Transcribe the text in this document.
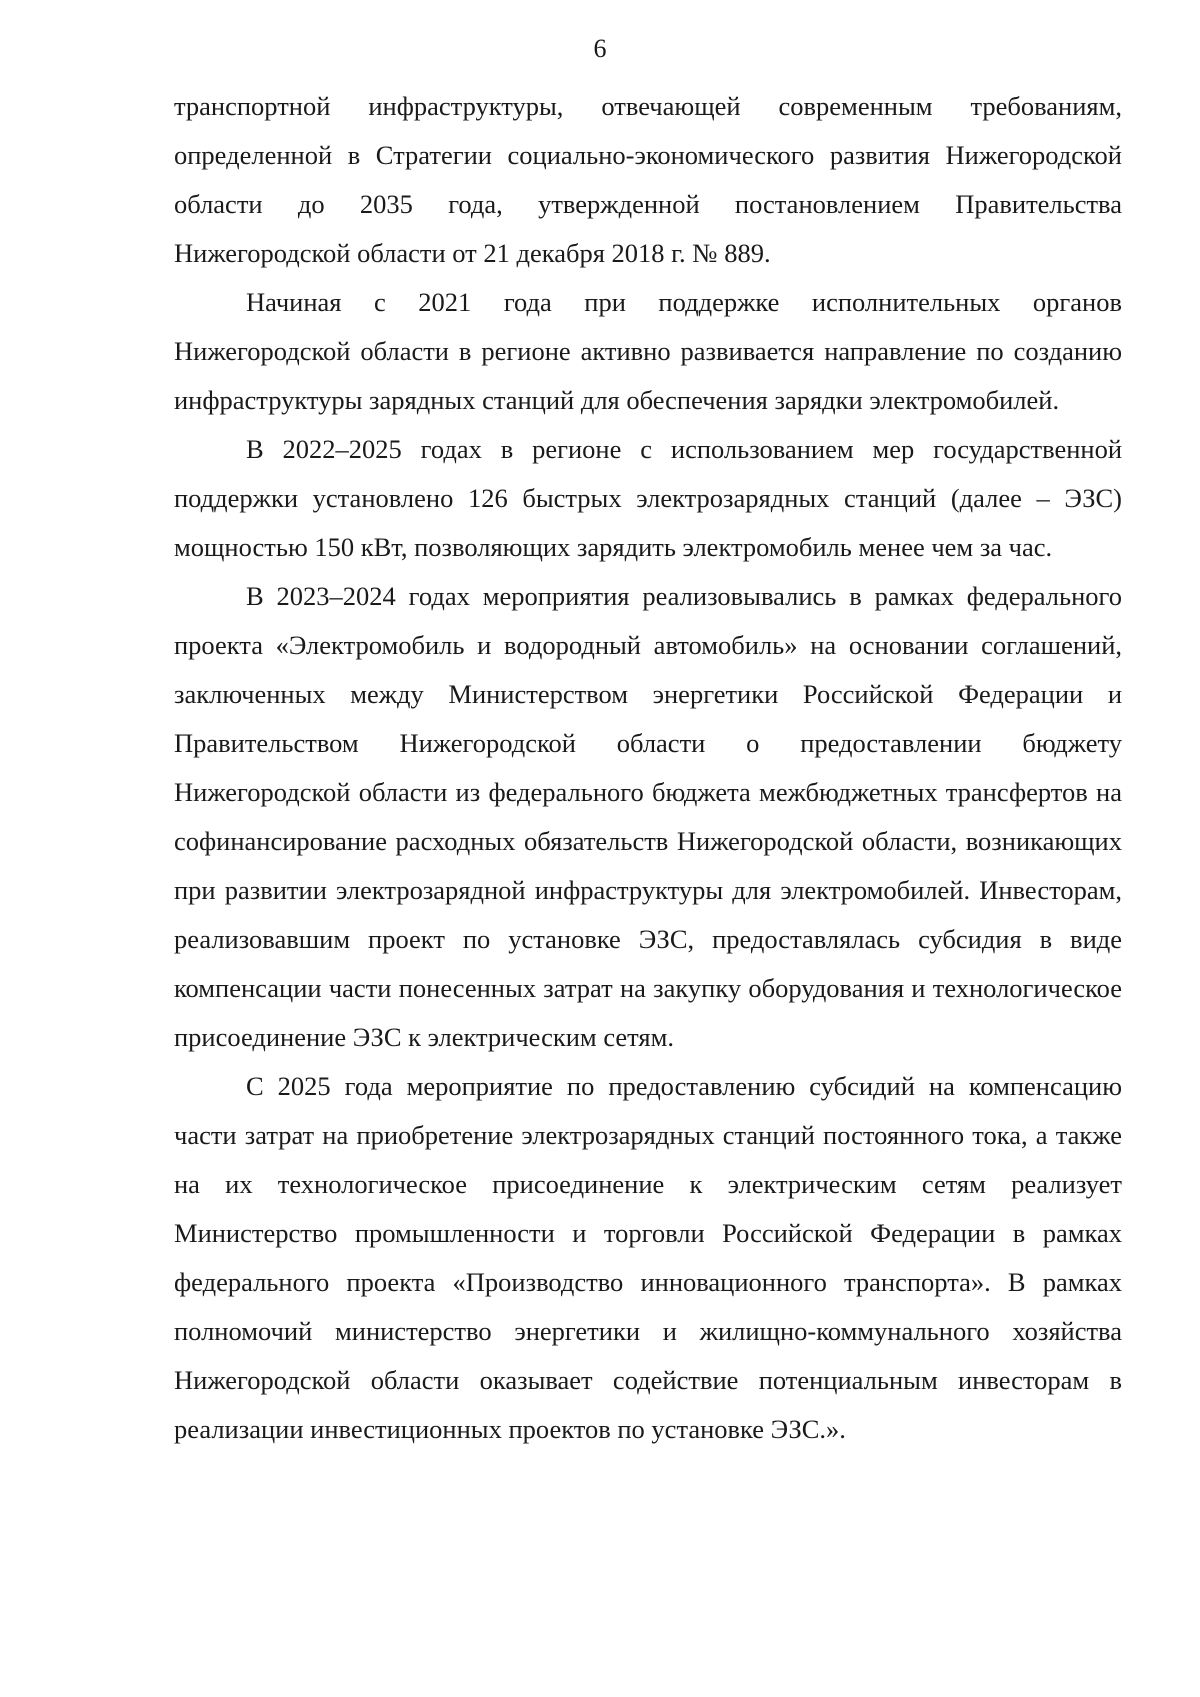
6

транспортной инфраструктуры, отвечающей современным требованиям, определенной в Стратегии социально-экономического развития Нижегородской области до 2035 года, утвержденной постановлением Правительства Нижегородской области от 21 декабря 2018 г. № 889.

Начиная с 2021 года при поддержке исполнительных органов Нижегородской области в регионе активно развивается направление по созданию инфраструктуры зарядных станций для обеспечения зарядки электромобилей.

В 2022–2025 годах в регионе с использованием мер государственной поддержки установлено 126 быстрых электрозарядных станций (далее – ЭЗС) мощностью 150 кВт, позволяющих зарядить электромобиль менее чем за час.

В 2023–2024 годах мероприятия реализовывались в рамках федерального проекта «Электромобиль и водородный автомобиль» на основании соглашений, заключенных между Министерством энергетики Российской Федерации и Правительством Нижегородской области о предоставлении бюджету Нижегородской области из федерального бюджета межбюджетных трансфертов на софинансирование расходных обязательств Нижегородской области, возникающих при развитии электрозарядной инфраструктуры для электромобилей. Инвесторам, реализовавшим проект по установке ЭЗС, предоставлялась субсидия в виде компенсации части понесенных затрат на закупку оборудования и технологическое присоединение ЭЗС к электрическим сетям.

С 2025 года мероприятие по предоставлению субсидий на компенсацию части затрат на приобретение электрозарядных станций постоянного тока, а также на их технологическое присоединение к электрическим сетям реализует Министерство промышленности и торговли Российской Федерации в рамках федерального проекта «Производство инновационного транспорта». В рамках полномочий министерство энергетики и жилищно-коммунального хозяйства Нижегородской области оказывает содействие потенциальным инвесторам в реализации инвестиционных проектов по установке ЭЗС.».
